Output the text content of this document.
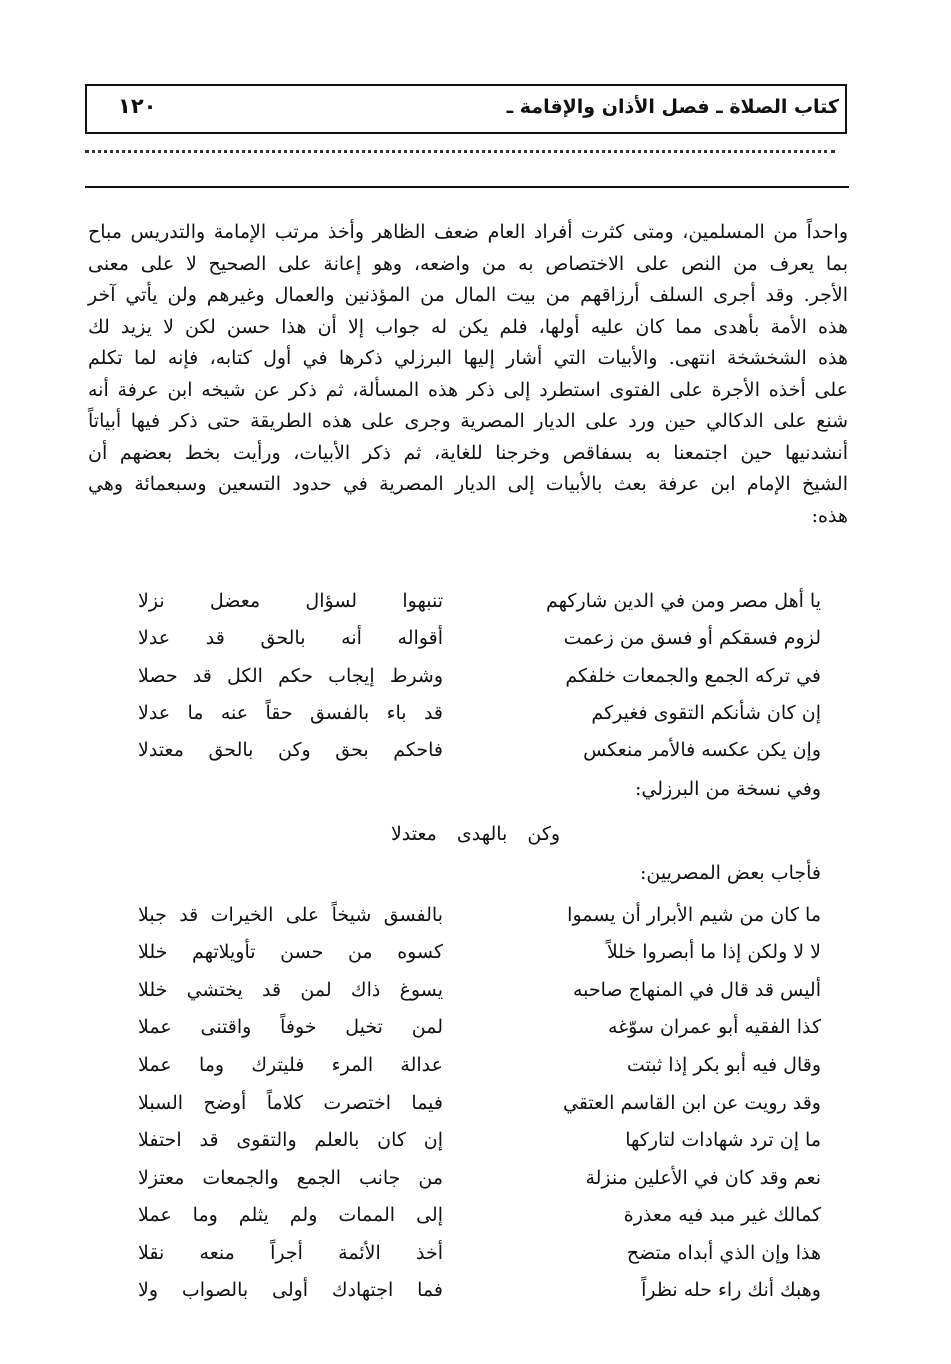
كتاب الصلاة ـ فصل الأذان والإقامة ـ
١٢٠
واحداً من المسلمين، ومتى كثرت أفراد العام ضعف الظاهر وأخذ مرتب الإمامة والتدريس مباح
بما يعرف من النص على الاختصاص به من واضعه، وهو إعانة على الصحيح لا على معنى
الأجر. وقد أجرى السلف أرزاقهم من بيت المال من المؤذنين والعمال وغيرهم ولن يأتي آخر
هذه الأمة بأهدى مما كان عليه أولها، فلم يكن له جواب إلا أن هذا حسن لكن لا يزيد لك
هذه الشخشخة انتهى. والأبيات التي أشار إليها البرزلي ذكرها في أول كتابه، فإنه لما تكلم
على أخذه الأجرة على الفتوى استطرد إلى ذكر هذه المسألة، ثم ذكر عن شيخه ابن عرفة أنه
شنع على الدكالي حين ورد على الديار المصرية وجرى على هذه الطريقة حتى ذكر فيها أبياتاً
أنشدنيها حين اجتمعنا به بسفاقص وخرجنا للغاية، ثم ذكر الأبيات، ورأيت بخط بعضهم أن
الشيخ الإمام ابن عرفة بعث بالأبيات إلى الديار المصرية في حدود التسعين وسبعمائة وهي
هذه:
يا أهل مصر ومن في الدين شاركهم
تنبهوا لسؤال معضل نزلا
لزوم فسقكم أو فسق من زعمت
أقواله أنه بالحق قد عدلا
في تركه الجمع والجمعات خلفكم
وشرط إيجاب حكم الكل قد حصلا
إن كان شأنكم التقوى فغيركم
قد باء بالفسق حقاً عنه ما عدلا
وإن يكن عكسه فالأمر منعكس
فاحكم بحق وكن بالحق معتدلا
وفي نسخة من البرزلي:
وكن بالهدى معتدلا
فأجاب بعض المصريين:
ما كان من شيم الأبرار أن يسموا
بالفسق شيخاً على الخيرات قد جبلا
لا لا ولكن إذا ما أبصروا خللاً
كسوه من حسن تأويلاتهم خللا
أليس قد قال في المنهاج صاحبه
يسوغ ذاك لمن قد يختشي خللا
كذا الفقيه أبو عمران سوّغه
لمن تخيل خوفاً واقتنى عملا
وقال فيه أبو بكر إذا ثبتت
عدالة المرء فليترك وما عملا
وقد رويت عن ابن القاسم العتقي
فيما اختصرت كلاماً أوضح السبلا
ما إن ترد شهادات لتاركها
إن كان بالعلم والتقوى قد احتفلا
نعم وقد كان في الأعلين منزلة
من جانب الجمع والجمعات معتزلا
كمالك غير مبد فيه معذرة
إلى الممات ولم يثلم وما عملا
هذا وإن الذي أبداه متضح
أخذ الأئمة أجراً منعه نقلا
وهبك أنك راء حله نظراً
فما اجتهادك أولى بالصواب ولا
